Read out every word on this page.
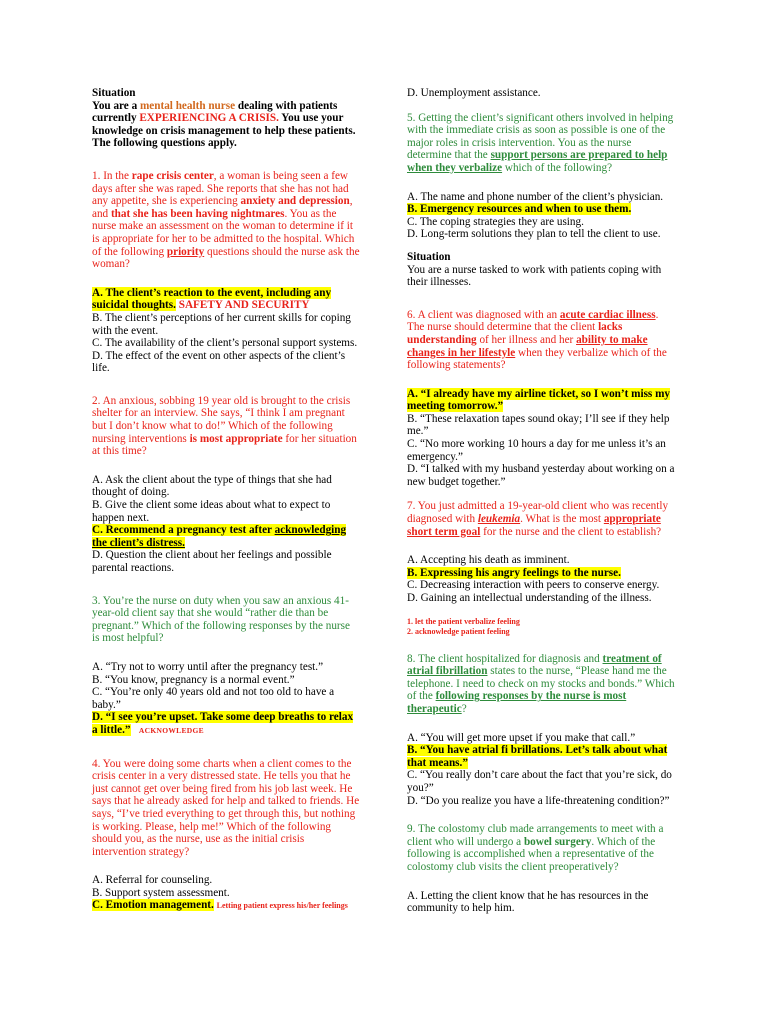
Situation

You are a mental health nurse dealing with patients currently EXPERIENCING A CRISIS. You use your knowledge on crisis management to help these patients. The following questions apply.

1. In the rape crisis center, a woman is being seen a few days after she was raped. She reports that she has not had any appetite, she is experiencing anxiety and depression, and that she has been having nightmares. You as the nurse make an assessment on the woman to determine if it is appropriate for her to be admitted to the hospital. Which of the following priority questions should the nurse ask the woman?

A. The client’s reaction to the event, including any suicidal thoughts. SAFETY AND SECURITY

B. The client’s perceptions of her current skills for coping with the event.

C. The availability of the client’s personal support systems.

D. The effect of the event on other aspects of the client’s life.

2. An anxious, sobbing 19 year old is brought to the crisis shelter for an interview. She says, “I think I am pregnant but I don’t know what to do!” Which of the following nursing interventions is most appropriate for her situation at this time?

A. Ask the client about the type of things that she had thought of doing.

B. Give the client some ideas about what to expect to happen next.

C. Recommend a pregnancy test after acknowledging the client’s distress.

D. Question the client about her feelings and possible parental reactions.

3. You’re the nurse on duty when you saw an anxious 41-year-old client say that she would “rather die than be pregnant.” Which of the following responses by the nurse is most helpful?

A. “Try not to worry until after the pregnancy test.”

B. “You know, pregnancy is a normal event.”

C. “You’re only 40 years old and not too old to have a baby.”

D. “I see you’re upset. Take some deep breaths to relax a little.” ACKNOWLEDGE

4. You were doing some charts when a client comes to the crisis center in a very distressed state. He tells you that he just cannot get over being fired from his job last week. He says that he already asked for help and talked to friends. He says, “I’ve tried everything to get through this, but nothing is working. Please, help me!” Which of the following should you, as the nurse, use as the initial crisis intervention strategy?

A. Referral for counseling.

B. Support system assessment.

C. Emotion management. Letting patient express his/her feelings

D. Unemployment assistance.

5. Getting the client’s significant others involved in helping with the immediate crisis as soon as possible is one of the major roles in crisis intervention. You as the nurse determine that the support persons are prepared to help when they verbalize which of the following?

A. The name and phone number of the client’s physician.

B. Emergency resources and when to use them.

C. The coping strategies they are using.

D. Long-term solutions they plan to tell the client to use.

Situation

You are a nurse tasked to work with patients coping with their illnesses.

6. A client was diagnosed with an acute cardiac illness. The nurse should determine that the client lacks understanding of her illness and her ability to make changes in her lifestyle when they verbalize which of the following statements?

A. “I already have my airline ticket, so I won’t miss my meeting tomorrow.”

B. “These relaxation tapes sound okay; I’ll see if they help me.”

C. “No more working 10 hours a day for me unless it’s an emergency.”

D. “I talked with my husband yesterday about working on a new budget together.”

7. You just admitted a 19-year-old client who was recently diagnosed with leukemia. What is the most appropriate short term goal for the nurse and the client to establish?

A. Accepting his death as imminent.

B. Expressing his angry feelings to the nurse.

C. Decreasing interaction with peers to conserve energy.

D. Gaining an intellectual understanding of the illness.

1. let the patient verbalize feeling

2. acknowledge patient feeling

8. The client hospitalized for diagnosis and treatment of atrial fibrillation states to the nurse, “Please hand me the telephone. I need to check on my stocks and bonds.” Which of the following responses by the nurse is most therapeutic?

A. “You will get more upset if you make that call.”

B. “You have atrial fi brillations. Let’s talk about what that means.”

C. “You really don’t care about the fact that you’re sick, do you?”

D. “Do you realize you have a life-threatening condition?”

9. The colostomy club made arrangements to meet with a client who will undergo a bowel surgery. Which of the following is accomplished when a representative of the colostomy club visits the client preoperatively?

A. Letting the client know that he has resources in the community to help him.
